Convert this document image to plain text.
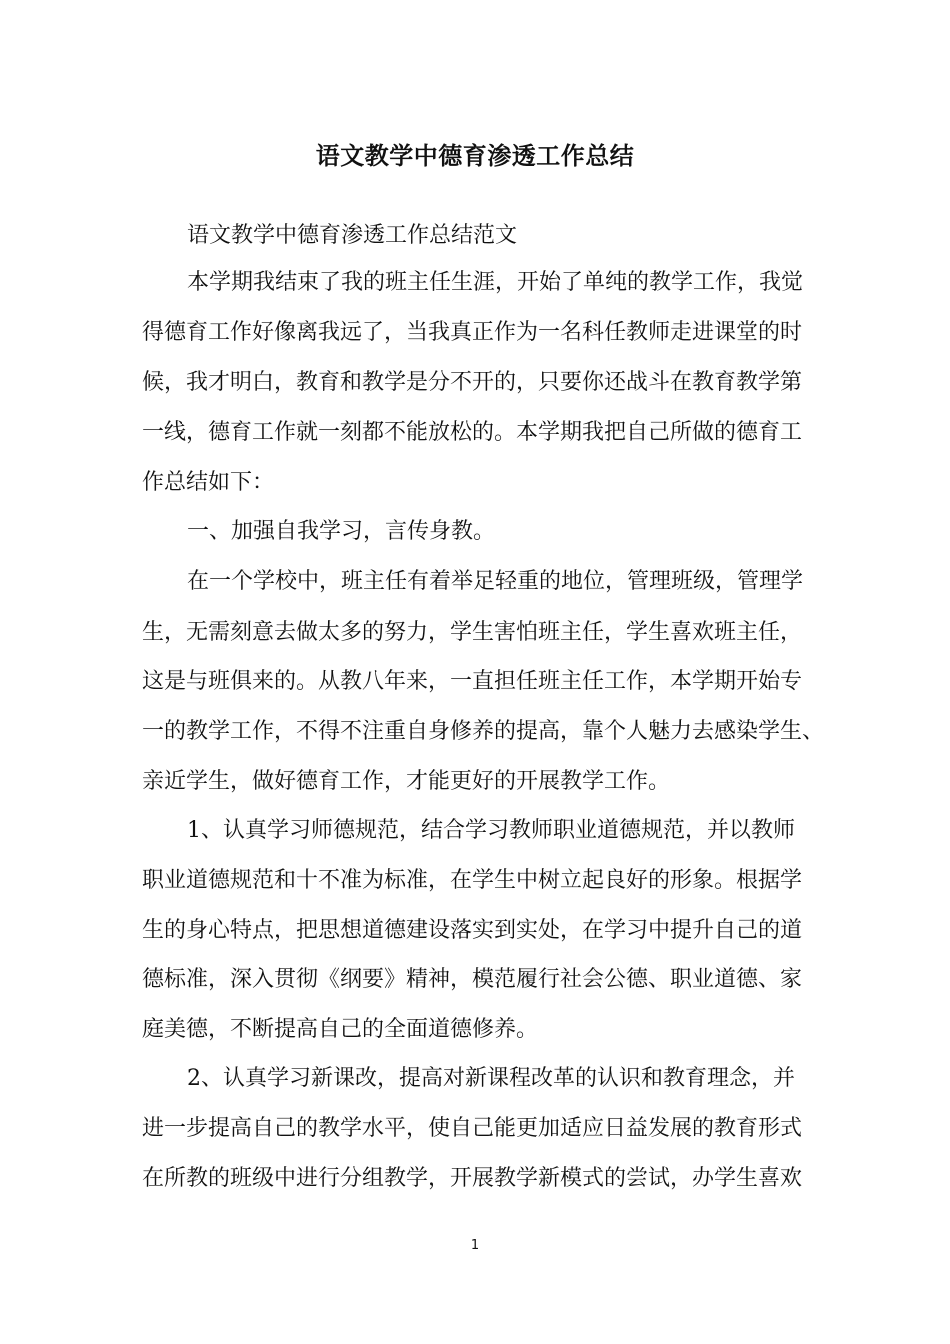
语文教学中德育渗透工作总结

语文教学中德育渗透工作总结范文

本学期我结束了我的班主任生涯，开始了单纯的教学工作，我觉

得德育工作好像离我远了，当我真正作为一名科任教师走进课堂的时

候，我才明白，教育和教学是分不开的，只要你还战斗在教育教学第

一线，德育工作就一刻都不能放松的。本学期我把自己所做的德育工

作总结如下：

一、加强自我学习，言传身教。

在一个学校中，班主任有着举足轻重的地位，管理班级，管理学

生，无需刻意去做太多的努力，学生害怕班主任，学生喜欢班主任，

这是与班俱来的。从教八年来，一直担任班主任工作，本学期开始专

一的教学工作，不得不注重自身修养的提高，靠个人魅力去感染学生、

亲近学生，做好德育工作，才能更好的开展教学工作。

1、认真学习师德规范，结合学习教师职业道德规范，并以教师

职业道德规范和十不准为标准，在学生中树立起良好的形象。根据学

生的身心特点，把思想道德建设落实到实处，在学习中提升自己的道

德标准，深入贯彻《纲要》精神，模范履行社会公德、职业道德、家

庭美德，不断提高自己的全面道德修养。

2、认真学习新课改，提高对新课程改革的认识和教育理念，并

进一步提高自己的教学水平，使自己能更加适应日益发展的教育形式

在所教的班级中进行分组教学，开展教学新模式的尝试，办学生喜欢

1
